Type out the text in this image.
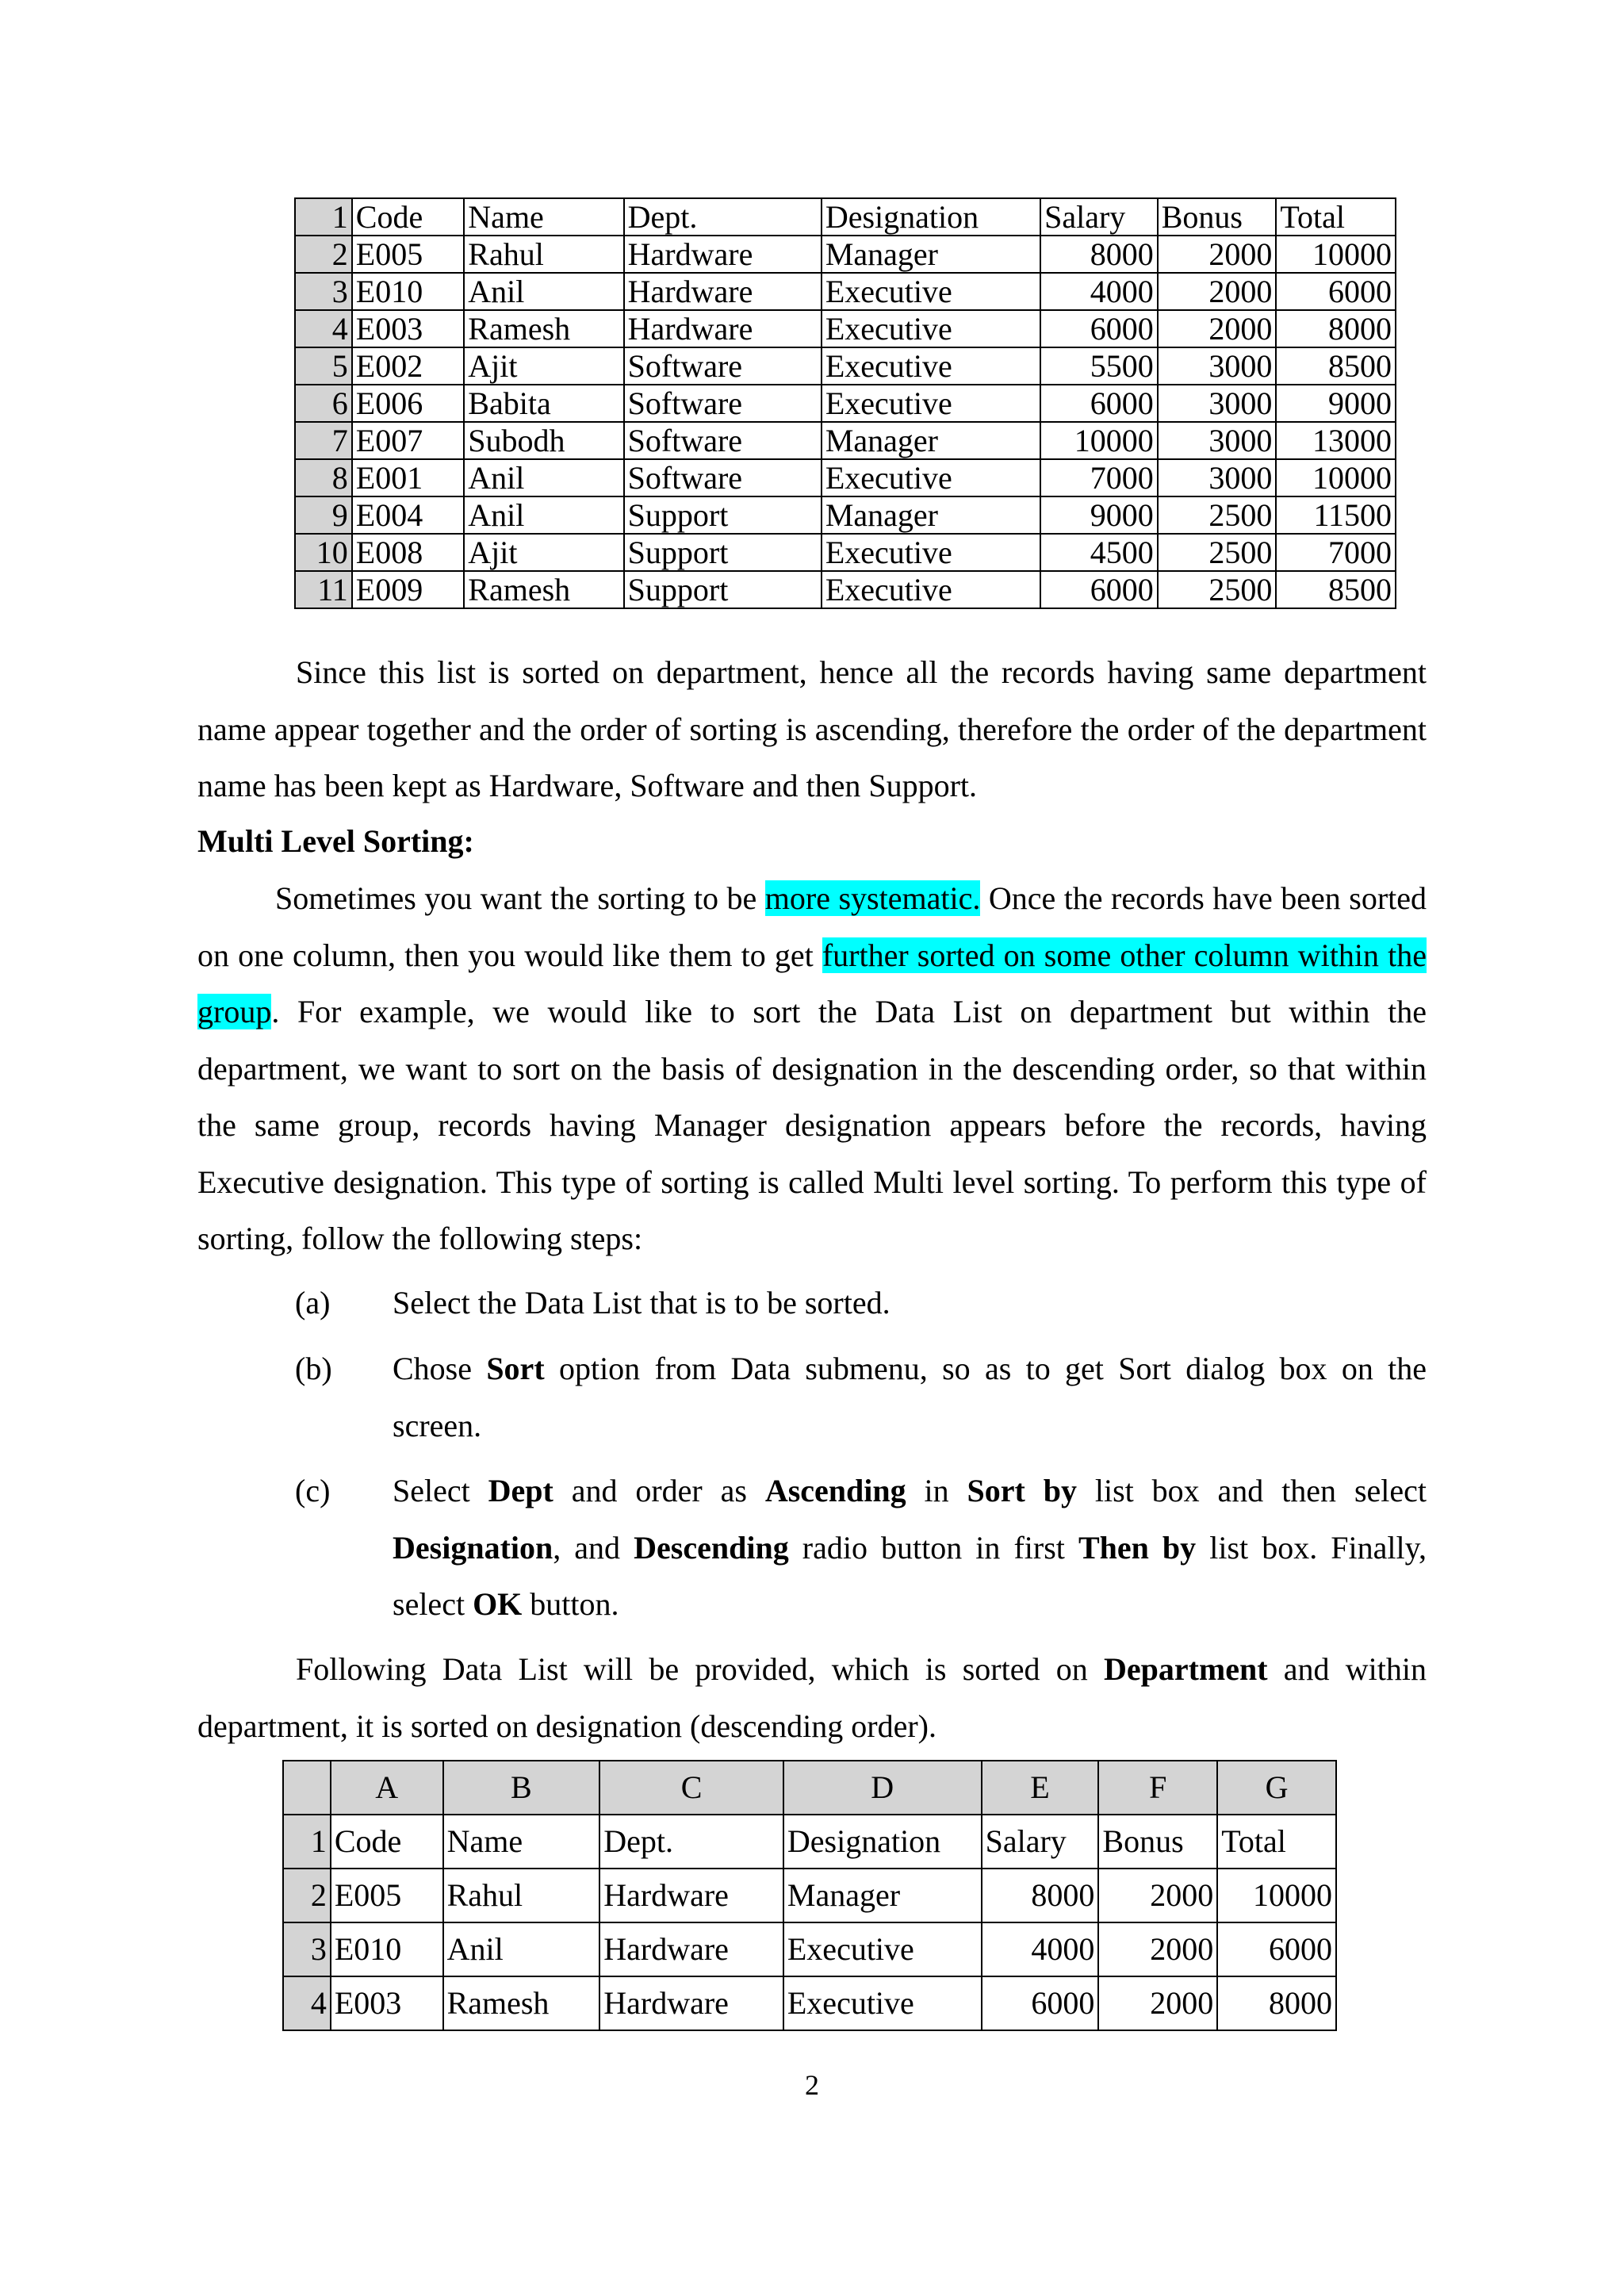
1	Code	Name	Dept.	Designation	Salary	Bonus	Total
2	E005	Rahul	Hardware	Manager	8000	2000	10000
3	E010	Anil	Hardware	Executive	4000	2000	6000
4	E003	Ramesh	Hardware	Executive	6000	2000	8000
5	E002	Ajit	Software	Executive	5500	3000	8500
6	E006	Babita	Software	Executive	6000	3000	9000
7	E007	Subodh	Software	Manager	10000	3000	13000
8	E001	Anil	Software	Executive	7000	3000	10000
9	E004	Anil	Support	Manager	9000	2500	11500
10	E008	Ajit	Support	Executive	4500	2500	7000
11	E009	Ramesh	Support	Executive	6000	2500	8500

Since this list is sorted on department, hence all the records having same department name appear together and the order of sorting is ascending, therefore the order of the department name has been kept as Hardware, Software and then Support.

Multi Level Sorting:

Sometimes you want the sorting to be more systematic. Once the records have been sorted on one column, then you would like them to get further sorted on some other column within the group. For example, we would like to sort the Data List on department but within the department, we want to sort on the basis of designation in the descending order, so that within the same group, records having Manager designation appears before the records, having Executive designation. This type of sorting is called Multi level sorting. To perform this type of sorting, follow the following steps:

(a) Select the Data List that is to be sorted.
(b) Chose Sort option from Data submenu, so as to get Sort dialog box on the screen.
(c) Select Dept and order as Ascending in Sort by list box and then select Designation, and Descending radio button in first Then by list box. Finally, select OK button.

Following Data List will be provided, which is sorted on Department and within department, it is sorted on designation (descending order).

	A	B	C	D	E	F	G
1	Code	Name	Dept.	Designation	Salary	Bonus	Total
2	E005	Rahul	Hardware	Manager	8000	2000	10000
3	E010	Anil	Hardware	Executive	4000	2000	6000
4	E003	Ramesh	Hardware	Executive	6000	2000	8000
2
